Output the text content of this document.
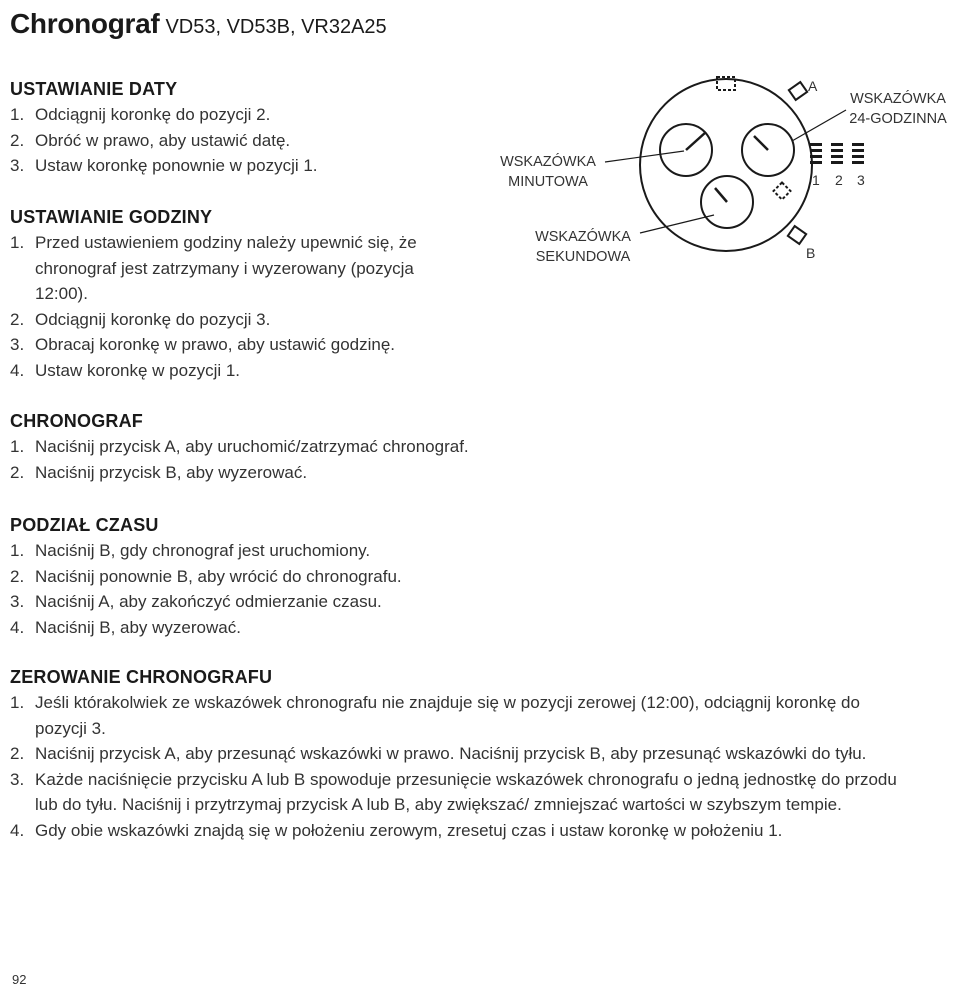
Chronograf VD53, VD53B, VR32A25
WSKAZÓWKA
MINUTOWA
WSKAZÓWKA
SEKUNDOWA
WSKAZÓWKA
24-GODZINNA
A
B
1 2 3
USTAWIANIE DATY
1. Odciągnij koronkę do pozycji 2.
2. Obróć w prawo, aby ustawić datę.
3. Ustaw koronkę ponownie w pozycji 1.
USTAWIANIE GODZINY
1. Przed ustawieniem godziny należy upewnić się, że chronograf jest zatrzymany i wyzerowany (pozycja 12:00).
2. Odciągnij koronkę do pozycji 3.
3. Obracaj koronkę w prawo, aby ustawić godzinę.
4. Ustaw koronkę w pozycji 1.
CHRONOGRAF
1. Naciśnij przycisk A, aby uruchomić/zatrzymać chronograf.
2. Naciśnij przycisk B, aby wyzerować.
PODZIAŁ CZASU
1. Naciśnij B, gdy chronograf jest uruchomiony.
2. Naciśnij ponownie B, aby wrócić do chronografu.
3. Naciśnij A, aby zakończyć odmierzanie czasu.
4. Naciśnij B, aby wyzerować.
ZEROWANIE CHRONOGRAFU
1. Jeśli którakolwiek ze wskazówek chronografu nie znajduje się w pozycji zerowej (12:00), odciągnij koronkę do pozycji 3.
2. Naciśnij przycisk A, aby przesunąć wskazówki w prawo. Naciśnij przycisk B, aby przesunąć wskazówki do tyłu.
3. Każde naciśnięcie przycisku A lub B spowoduje przesunięcie wskazówek chronografu o jedną jednostkę do przodu lub do tyłu. Naciśnij i przytrzymaj przycisk A lub B, aby zwiększać/ zmniejszać wartości w szybszym tempie.
4. Gdy obie wskazówki znajdą się w położeniu zerowym, zresetuj czas i ustaw koronkę w położeniu 1.
92
